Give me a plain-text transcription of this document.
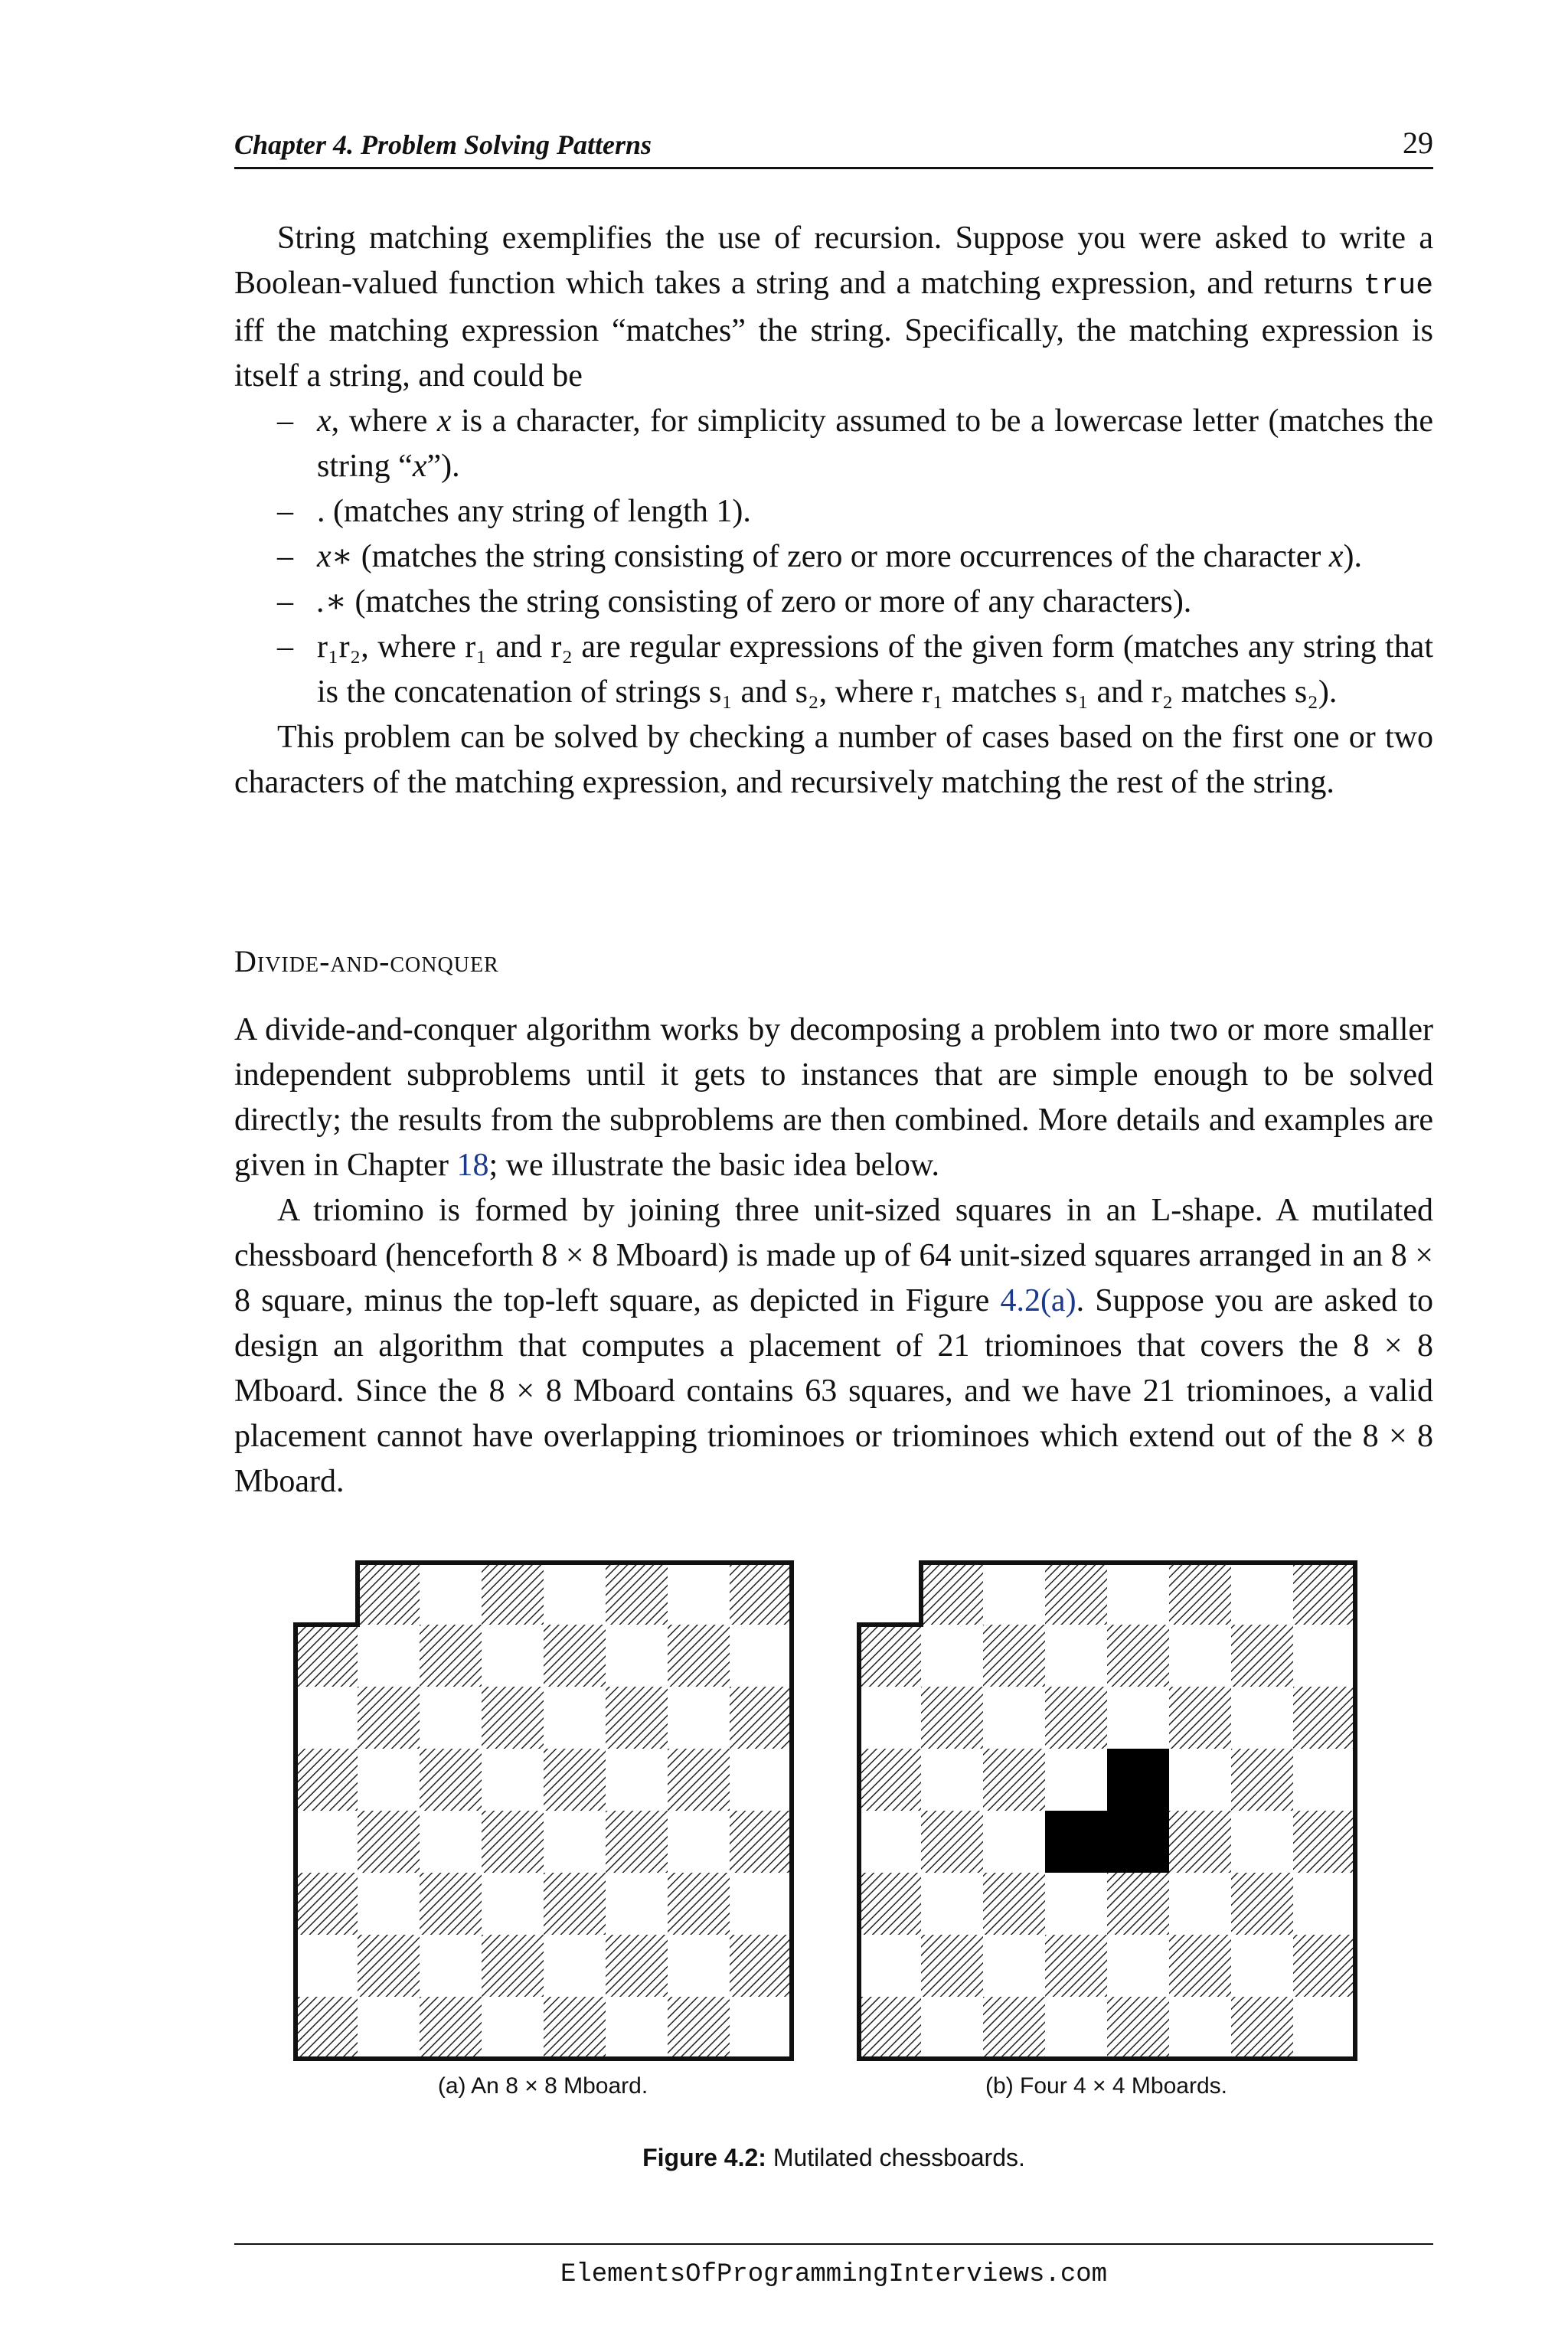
Chapter 4. Problem Solving Patterns	29

String matching exemplifies the use of recursion. Suppose you were asked to write a Boolean-valued function which takes a string and a matching expression, and returns true iff the matching expression “matches” the string. Specifically, the matching expression is itself a string, and could be

– x, where x is a character, for simplicity assumed to be a lowercase letter (matches the string “x”).
– . (matches any string of length 1).
– x∗ (matches the string consisting of zero or more occurrences of the character x).
– .∗ (matches the string consisting of zero or more of any characters).
– r₁r₂, where r₁ and r₂ are regular expressions of the given form (matches any string that is the concatenation of strings s₁ and s₂, where r₁ matches s₁ and r₂ matches s₂).

This problem can be solved by checking a number of cases based on the first one or two characters of the matching expression, and recursively matching the rest of the string.

Divide-and-conquer

A divide-and-conquer algorithm works by decomposing a problem into two or more smaller independent subproblems until it gets to instances that are simple enough to be solved directly; the results from the subproblems are then combined. More details and examples are given in Chapter 18; we illustrate the basic idea below.

A triomino is formed by joining three unit-sized squares in an L-shape. A mutilated chessboard (henceforth 8 × 8 Mboard) is made up of 64 unit-sized squares arranged in an 8 × 8 square, minus the top-left square, as depicted in Figure 4.2(a). Suppose you are asked to design an algorithm that computes a placement of 21 triominoes that covers the 8 × 8 Mboard. Since the 8 × 8 Mboard contains 63 squares, and we have 21 triominoes, a valid placement cannot have overlapping triominoes or triominoes which extend out of the 8 × 8 Mboard.

(a) An 8 × 8 Mboard.	(b) Four 4 × 4 Mboards.
Figure 4.2: Mutilated chessboards.
ElementsOfProgrammingInterviews.com
